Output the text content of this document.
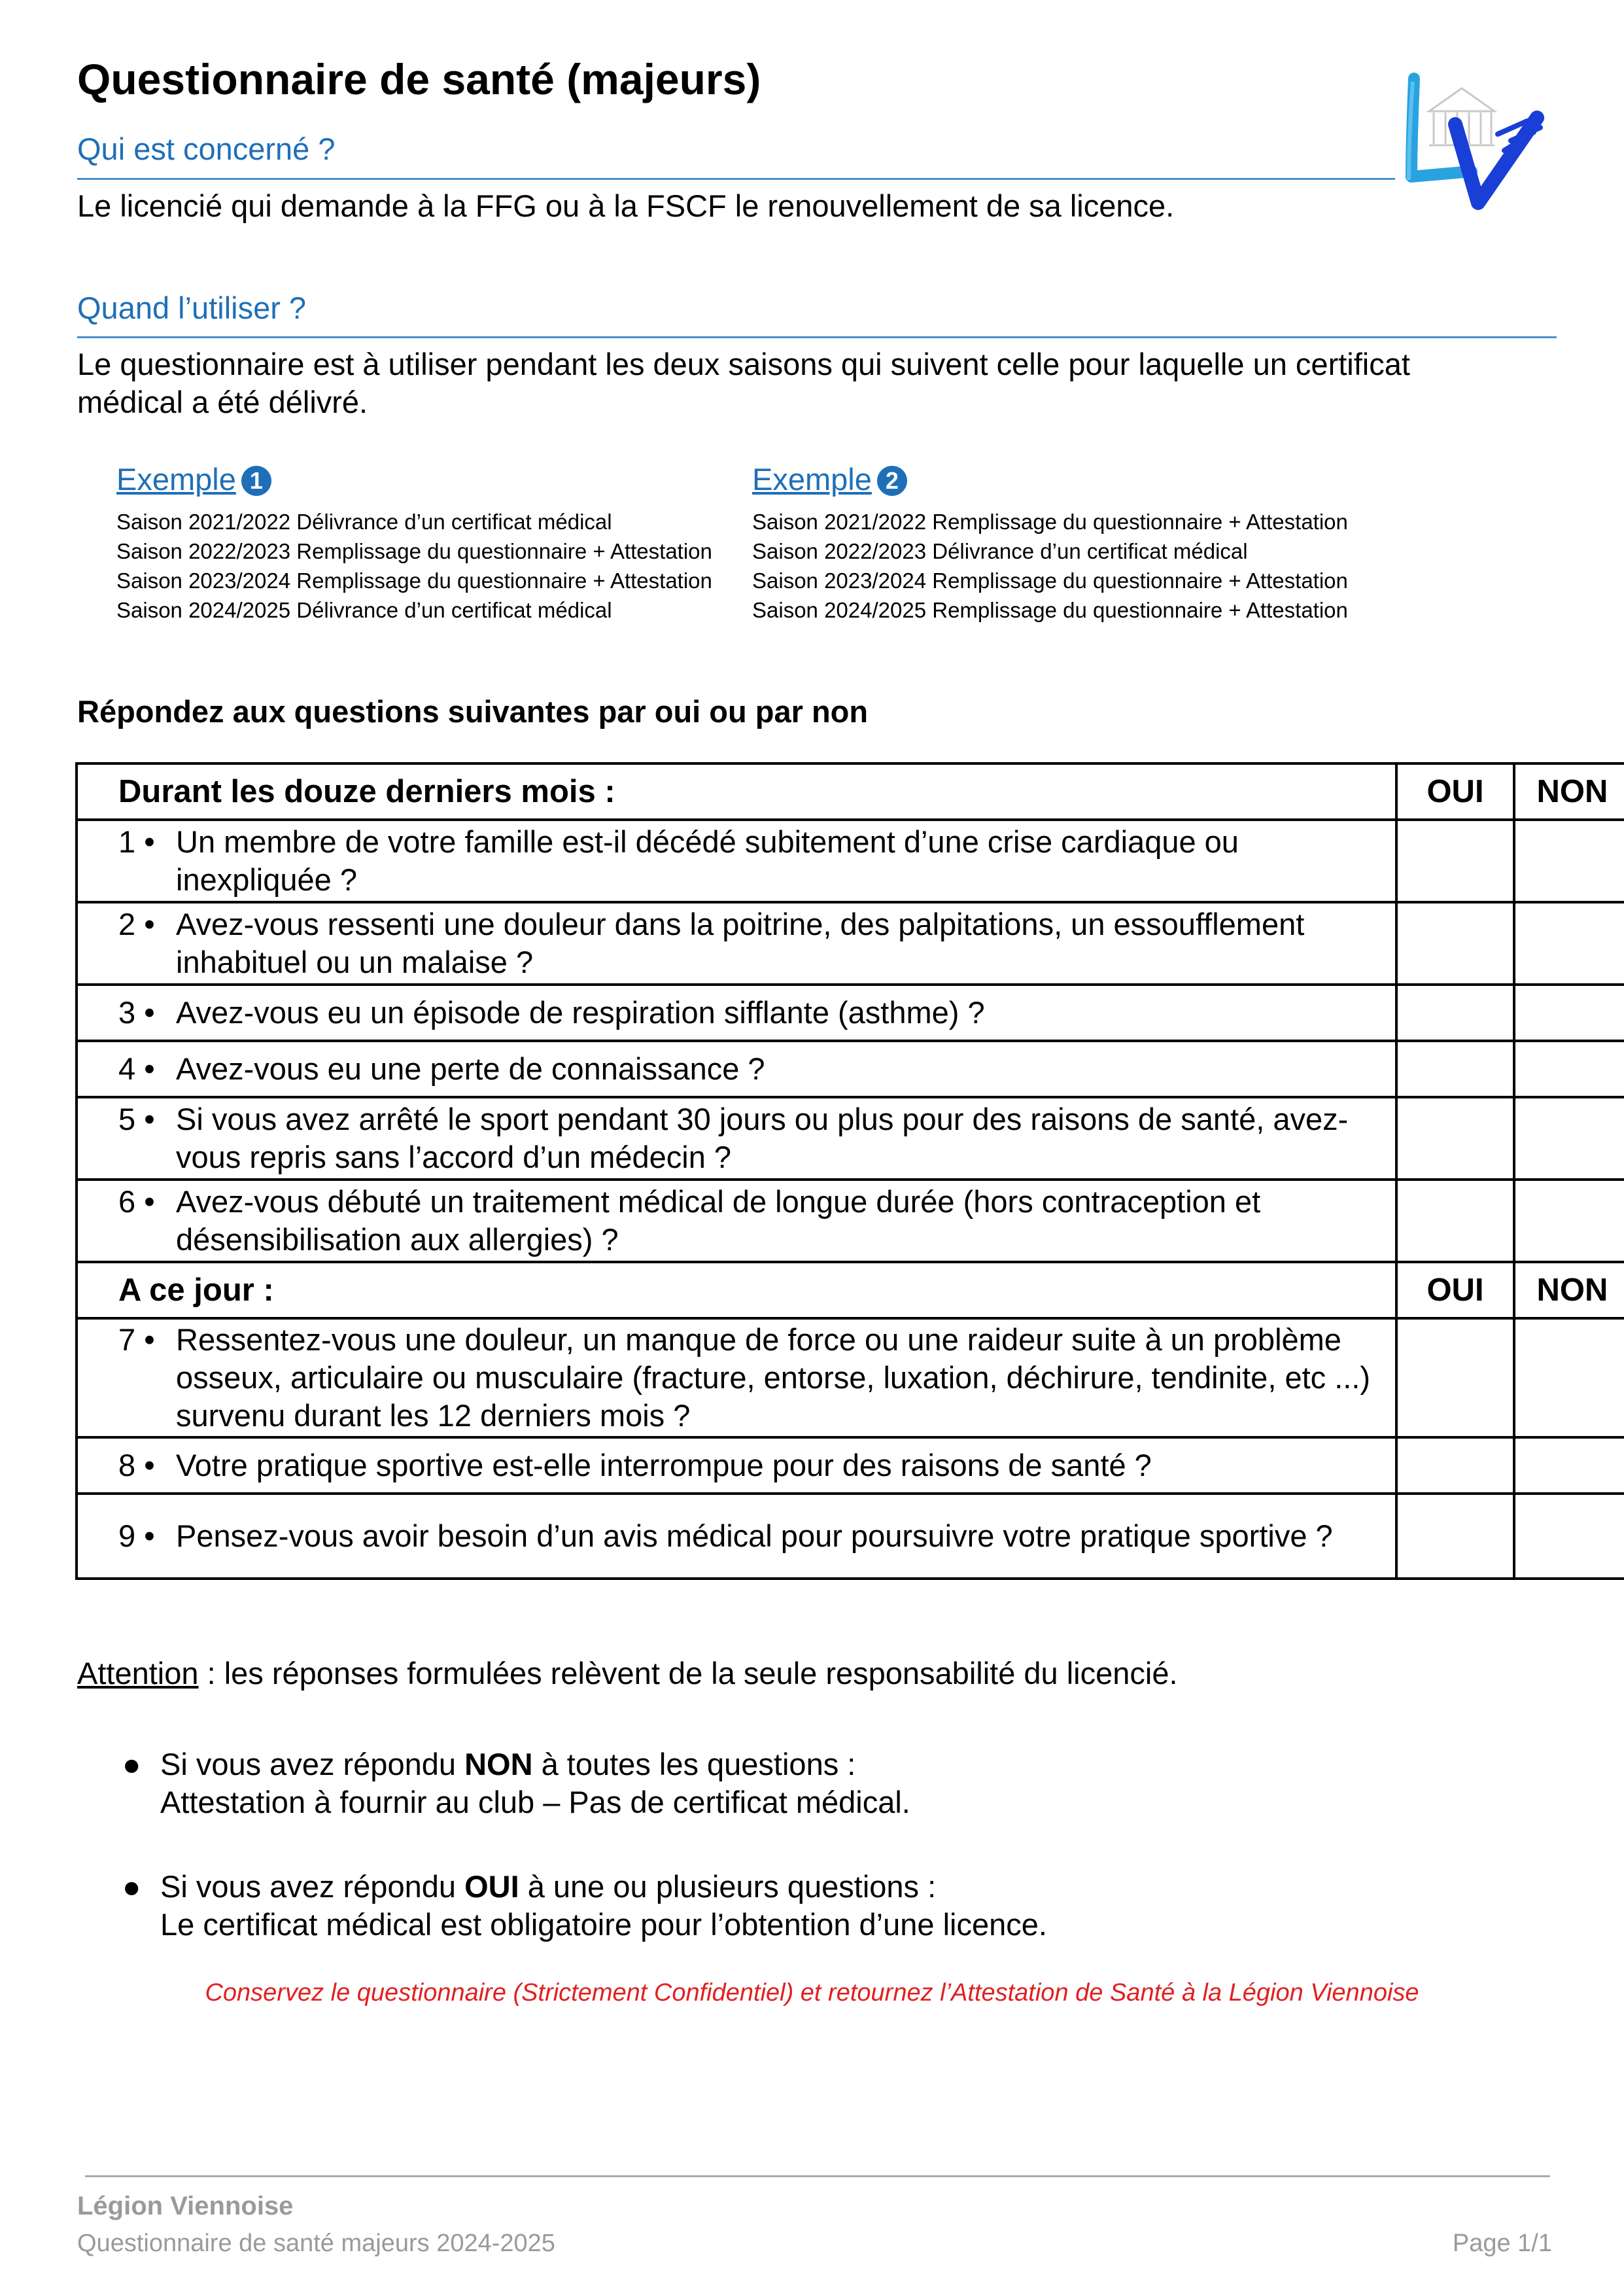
Questionnaire de santé (majeurs)
Qui est concerné ?
Le licencié qui demande à la FFG ou à la FSCF le renouvellement de sa licence.
Quand l’utiliser ?
Le questionnaire est à utiliser pendant les deux saisons qui suivent celle pour laquelle un certificat
médical a été délivré.
Exemple 1
Saison 2021/2022 Délivrance d’un certificat médical
Saison 2022/2023 Remplissage du questionnaire + Attestation
Saison 2023/2024 Remplissage du questionnaire + Attestation
Saison 2024/2025 Délivrance d’un certificat médical
Exemple 2
Saison 2021/2022 Remplissage du questionnaire + Attestation
Saison 2022/2023 Délivrance d’un certificat médical
Saison 2023/2024 Remplissage du questionnaire + Attestation
Saison 2024/2025 Remplissage du questionnaire + Attestation
Répondez aux questions suivantes par oui ou par non
Durant les douze derniers mois :	OUI	NON

1 • Un membre de votre famille est-il décédé subitement d’une crise cardiaque ou inexpliquée ?		

2 • Avez-vous ressenti une douleur dans la poitrine, des palpitations, un essoufflement inhabituel ou un malaise ?		

3 • Avez-vous eu un épisode de respiration sifflante (asthme) ?		

4 • Avez-vous eu une perte de connaissance ?		

5 • Si vous avez arrêté le sport pendant 30 jours ou plus pour des raisons de santé, avez-vous repris sans l’accord d’un médecin ?		

6 • Avez-vous débuté un traitement médical de longue durée (hors contraception et désensibilisation aux allergies) ?		

A ce jour :	OUI	NON

7 • Ressentez-vous une douleur, un manque de force ou une raideur suite à un problème osseux, articulaire ou musculaire (fracture, entorse, luxation, déchirure, tendinite, etc ...) survenu durant les 12 derniers mois ?		

8 • Votre pratique sportive est-elle interrompue pour des raisons de santé ?		

9 • Pensez-vous avoir besoin d’un avis médical pour poursuivre votre pratique sportive ?		

Attention : les réponses formulées relèvent de la seule responsabilité du licencié.
● Si vous avez répondu NON à toutes les questions :
Attestation à fournir au club – Pas de certificat médical.
● Si vous avez répondu OUI à une ou plusieurs questions :
Le certificat médical est obligatoire pour l’obtention d’une licence.
Conservez le questionnaire (Strictement Confidentiel) et retournez l’Attestation de Santé à la Légion Viennoise
Légion Viennoise
Questionnaire de santé majeurs 2024-2025	Page 1/1
